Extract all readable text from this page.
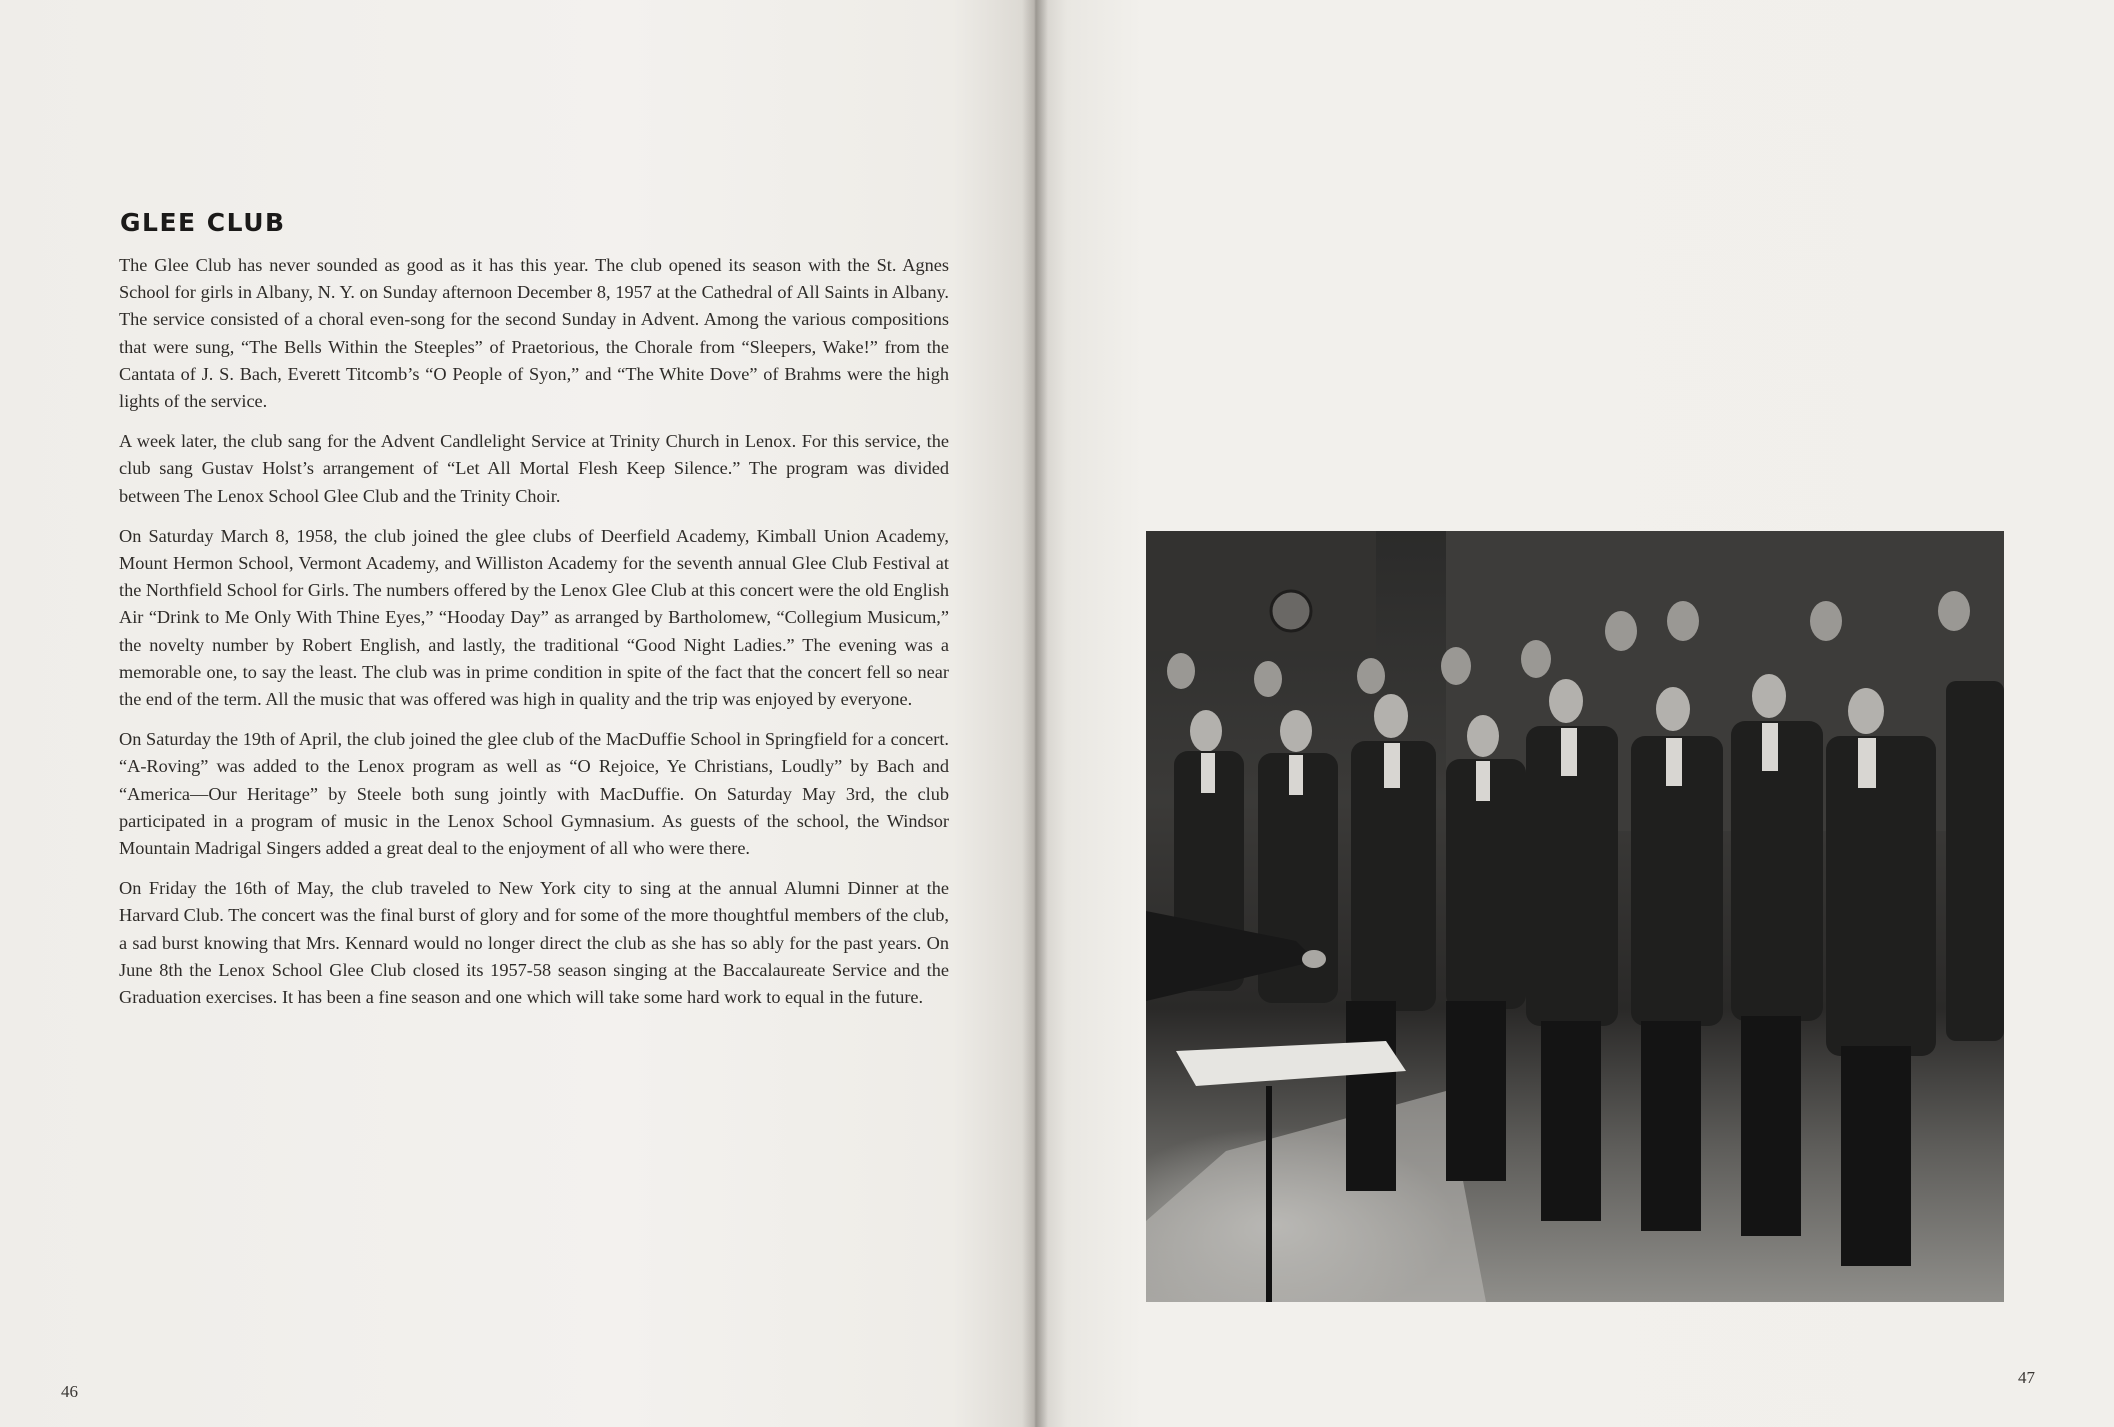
GLEE CLUB

The Glee Club has never sounded as good as it has this year. The club opened its season with the St. Agnes School for girls in Albany, N. Y. on Sunday afternoon December 8, 1957 at the Cathedral of All Saints in Albany. The service consisted of a choral even-song for the second Sunday in Advent. Among the various compositions that were sung, “The Bells Within the Steeples” of Praetorious, the Chorale from “Sleepers, Wake!” from the Cantata of J. S. Bach, Everett Titcomb’s “O People of Syon,” and “The White Dove” of Brahms were the high lights of the service.

A week later, the club sang for the Advent Candlelight Service at Trinity Church in Lenox. For this service, the club sang Gustav Holst’s arrangement of “Let All Mortal Flesh Keep Silence.” The program was divided between The Lenox School Glee Club and the Trinity Choir.

On Saturday March 8, 1958, the club joined the glee clubs of Deerfield Academy, Kimball Union Academy, Mount Hermon School, Vermont Academy, and Williston Academy for the seventh annual Glee Club Festival at the Northfield School for Girls. The numbers offered by the Lenox Glee Club at this concert were the old English Air “Drink to Me Only With Thine Eyes,” “Hooday Day” as arranged by Bartholomew, “Collegium Musicum,” the novelty number by Robert English, and lastly, the traditional “Good Night Ladies.” The evening was a memorable one, to say the least. The club was in prime condition in spite of the fact that the concert fell so near the end of the term. All the music that was offered was high in quality and the trip was enjoyed by everyone.

On Saturday the 19th of April, the club joined the glee club of the MacDuffie School in Springfield for a concert. “A-Roving” was added to the Lenox program as well as “O Rejoice, Ye Christians, Loudly” by Bach and “America—Our Heritage” by Steele both sung jointly with MacDuffie. On Saturday May 3rd, the club participated in a program of music in the Lenox School Gymnasium. As guests of the school, the Windsor Mountain Madrigal Singers added a great deal to the enjoyment of all who were there.

On Friday the 16th of May, the club traveled to New York city to sing at the annual Alumni Dinner at the Harvard Club. The concert was the final burst of glory and for some of the more thoughtful members of the club, a sad burst knowing that Mrs. Kennard would no longer direct the club as she has so ably for the past years. On June 8th the Lenox School Glee Club closed its 1957-58 season singing at the Baccalaureate Service and the Graduation exercises. It has been a fine season and one which will take some hard work to equal in the future.

46
47
